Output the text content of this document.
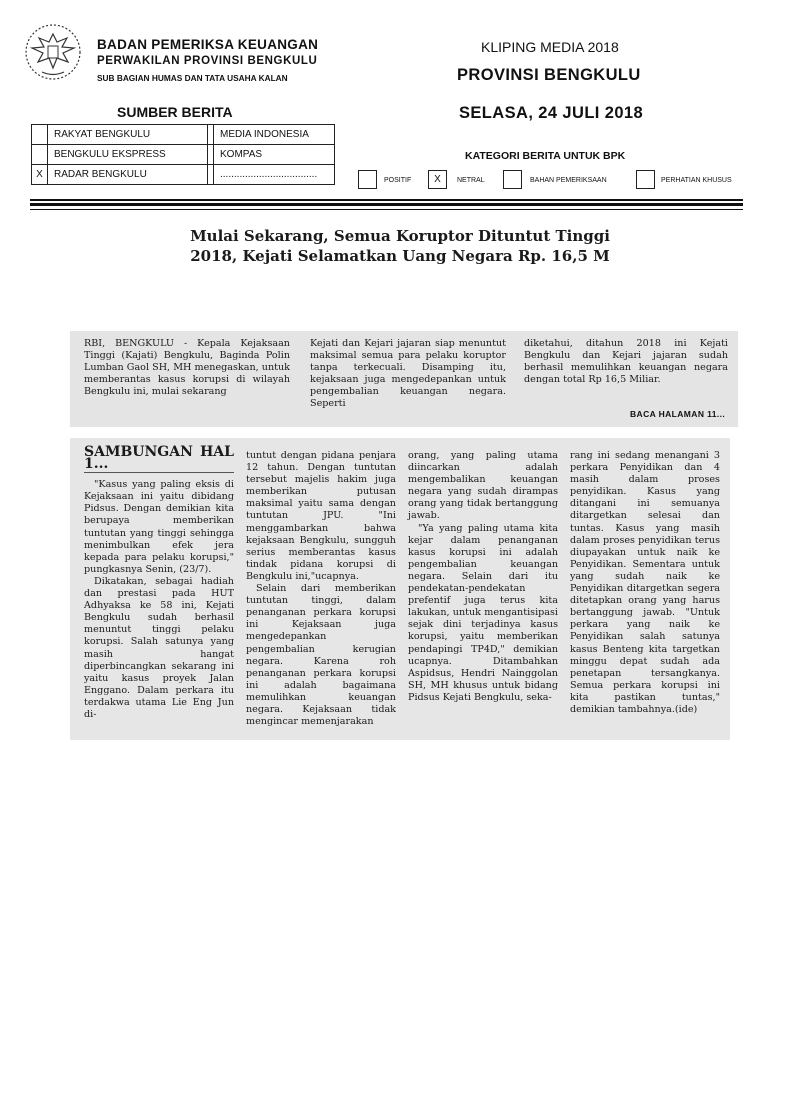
BADAN PEMERIKSA KEUANGAN
PERWAKILAN PROVINSI BENGKULU
SUB BAGIAN HUMAS DAN TATA USAHA KALAN
KLIPING MEDIA 2018
PROVINSI BENGKULU
SELASA, 24 JULI 2018
SUMBER BERITA
	RAKYAT BENGKULU		MEDIA INDONESIA
	BENGKULU EKSPRESS		KOMPAS
X	RADAR BENGKULU		...................................
KATEGORI BERITA UNTUK BPK
POSITIF	X	NETRAL	BAHAN PEMERIKSAAN	PERHATIAN KHUSUS
Mulai Sekarang, Semua Koruptor Dituntut Tinggi
2018, Kejati Selamatkan Uang Negara Rp. 16,5 M

RBI, BENGKULU - Kepala Kejaksaan Tinggi (Kajati) Bengkulu, Baginda Polin Lumban Gaol SH, MH menegaskan, untuk memberantas kasus korupsi di wilayah Bengkulu ini, mulai sekarang

Kejati dan Kejari jajaran siap menuntut maksimal semua para pelaku koruptor tanpa terkecuali. Disamping itu, kejaksaan juga mengedepankan untuk pengembalian keuangan negara. Seperti

diketahui, ditahun 2018 ini Kejati Bengkulu dan Kejari jajaran sudah berhasil memulihkan keuangan negara dengan total Rp 16,5 Miliar.

BACA HALAMAN 11...
SAMBUNGAN HAL 1...

"Kasus yang paling eksis di Kejaksaan ini yaitu dibidang Pidsus. Dengan demikian kita berupaya memberikan tuntutan yang tinggi sehingga menimbulkan efek jera kepada para pelaku korupsi," pungkasnya Senin, (23/7).

Dikatakan, sebagai hadiah dan prestasi pada HUT Adhyaksa ke 58 ini, Kejati Bengkulu sudah berhasil menuntut tinggi pelaku korupsi. Salah satunya yang masih hangat diperbincangkan sekarang ini yaitu kasus proyek Jalan Enggano. Dalam perkara itu terdakwa utama Lie Eng Jun di-

tuntut dengan pidana penjara 12 tahun. Dengan tuntutan tersebut majelis hakim juga memberikan putusan maksimal yaitu sama dengan tuntutan JPU. "Ini menggambarkan bahwa kejaksaan Bengkulu, sungguh serius memberantas kasus tindak pidana korupsi di Bengkulu ini,"ucapnya.

Selain dari memberikan tuntutan tinggi, dalam penanganan perkara korupsi ini Kejaksaan juga mengedepankan pengembalian kerugian negara. Karena roh penanganan perkara korupsi ini adalah bagaimana memulihkan keuangan negara. Kejaksaan tidak mengincar memenjarakan

orang, yang paling utama diincarkan adalah mengembalikan keuangan negara yang sudah dirampas orang yang tidak bertanggung jawab.

"Ya yang paling utama kita kejar dalam penanganan kasus korupsi ini adalah pengembalian keuangan negara. Selain dari itu pendekatan-pendekatan prefentif juga terus kita lakukan, untuk mengantisipasi sejak dini terjadinya kasus korupsi, yaitu memberikan pendapingi TP4D," demikian ucapnya. Ditambahkan Aspidsus, Hendri Nainggolan SH, MH khusus untuk bidang Pidsus Kejati Bengkulu, seka-

rang ini sedang menangani 3 perkara Penyidikan dan 4 masih dalam proses penyidikan. Kasus yang ditangani ini semuanya ditargetkan selesai dan tuntas. Kasus yang masih dalam proses penyidikan terus diupayakan untuk naik ke Penyidikan. Sementara untuk yang sudah naik ke Penyidikan ditargetkan segera ditetapkan orang yang harus bertanggung jawab. "Untuk perkara yang naik ke Penyidikan salah satunya kasus Benteng kita targetkan minggu depat sudah ada penetapan tersangkanya. Semua perkara korupsi ini kita pastikan tuntas," demikian tambahnya.(ide)
